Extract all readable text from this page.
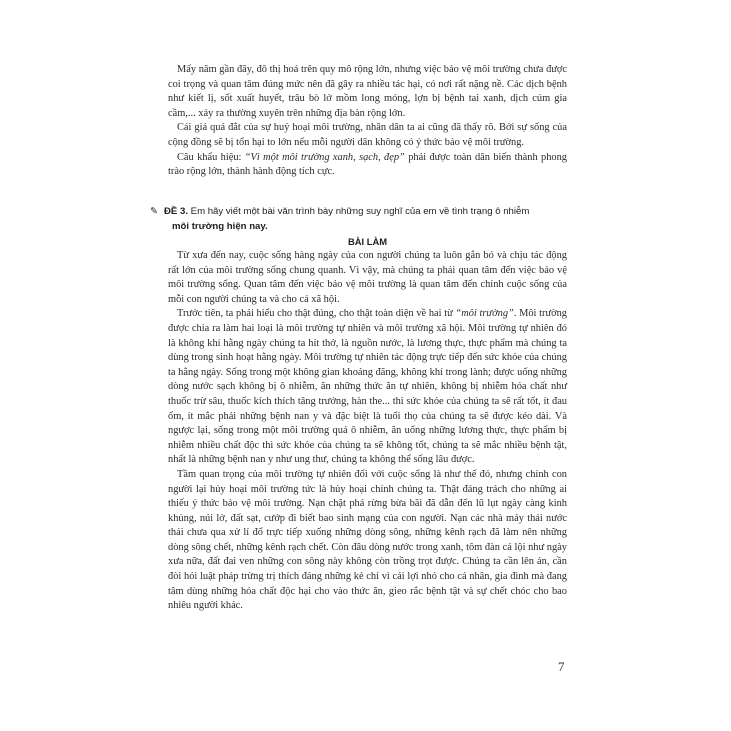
Mấy năm gần đây, đô thị hoá trên quy mô rộng lớn, nhưng việc bảo vệ môi trường chưa được coi trọng và quan tâm đúng mức nên đã gây ra nhiều tác hại, có nơi rất nặng nề. Các dịch bệnh như kiết lị, sốt xuất huyết, trâu bò lở mồm long móng, lợn bị bệnh tai xanh, dịch cúm gia cầm,... xảy ra thường xuyên trên những địa bàn rộng lớn.

Cái giá quá đắt của sự huỷ hoại môi trường, nhân dân ta ai cũng đã thấy rõ. Bởi sự sống của cộng đồng sẽ bị tổn hại to lớn nếu mỗi người dân không có ý thức bảo vệ môi trường.

Câu khẩu hiệu: “Vì một môi trường xanh, sạch, đẹp” phải được toàn dân biến thành phong trào rộng lớn, thành hành động tích cực.

✎ ĐỀ 3. Em hãy viết một bài văn trình bày những suy nghĩ của em về tình trạng ô nhiễm
môi trường hiện nay.
BÀI LÀM

Từ xưa đến nay, cuộc sống hàng ngày của con người chúng ta luôn gắn bó và chịu tác động rất lớn của môi trường sống chung quanh. Vì vậy, mà chúng ta phải quan tâm đến việc bảo vệ môi trường sống. Quan tâm đến việc bảo vệ môi trường là quan tâm đến chính cuộc sống của mỗi con người chúng ta và cho cả xã hội.

Trước tiên, ta phải hiểu cho thật đúng, cho thật toàn diện về hai từ “môi trường”. Môi trường được chia ra làm hai loại là môi trường tự nhiên và môi trường xã hội. Môi trường tự nhiên đó là không khí hằng ngày chúng ta hít thở, là nguồn nước, là lương thực, thực phẩm mà chúng ta dùng trong sinh hoạt hằng ngày. Môi trường tự nhiên tác động trực tiếp đến sức khỏe của chúng ta hằng ngày. Sống trong một không gian khoáng đãng, không khí trong lành; được uống những dòng nước sạch không bị ô nhiễm, ăn những thức ăn tự nhiên, không bị nhiễm hóa chất như thuốc trừ sâu, thuốc kích thích tăng trưởng, hàn the... thì sức khỏe của chúng ta sẽ rất tốt, ít đau ốm, ít mắc phải những bệnh nan y và đặc biệt là tuổi thọ của chúng ta sẽ được kéo dài. Và ngược lại, sống trong một môi trường quá ô nhiễm, ăn uống những lương thực, thực phẩm bị nhiễm nhiều chất độc thì sức khỏe của chúng ta sẽ không tốt, chúng ta sẽ mắc nhiều bệnh tật, nhất là những bệnh nan y như ung thư, chúng ta không thể sống lâu được.

Tầm quan trọng của môi trường tự nhiên đối với cuộc sống là như thế đó, nhưng chính con người lại hủy hoại môi trường tức là hủy hoại chính chúng ta. Thật đáng trách cho những ai thiếu ý thức bảo vệ môi trường. Nạn chặt phá rừng bừa bãi đã dẫn đến lũ lụt ngày càng kinh khủng, núi lở, đất sạt, cướp đi biết bao sinh mạng của con người. Nạn các nhà máy thải nước thải chưa qua xử lí đổ trực tiếp xuống những dòng sông, những kênh rạch đã làm nên những dòng sông chết, những kênh rạch chết. Còn đâu dòng nước trong xanh, tôm đàn cá lội như ngày xưa nữa, đất đai ven những con sông này không còn trồng trọt được. Chúng ta cần lên án, cần đòi hỏi luật pháp trừng trị thích đáng những kẻ chỉ vì cái lợi nhỏ cho cá nhân, gia đình mà đang tâm dùng những hóa chất độc hại cho vào thức ăn, gieo rắc bệnh tật và sự chết chóc cho bao nhiêu người khác.

7
